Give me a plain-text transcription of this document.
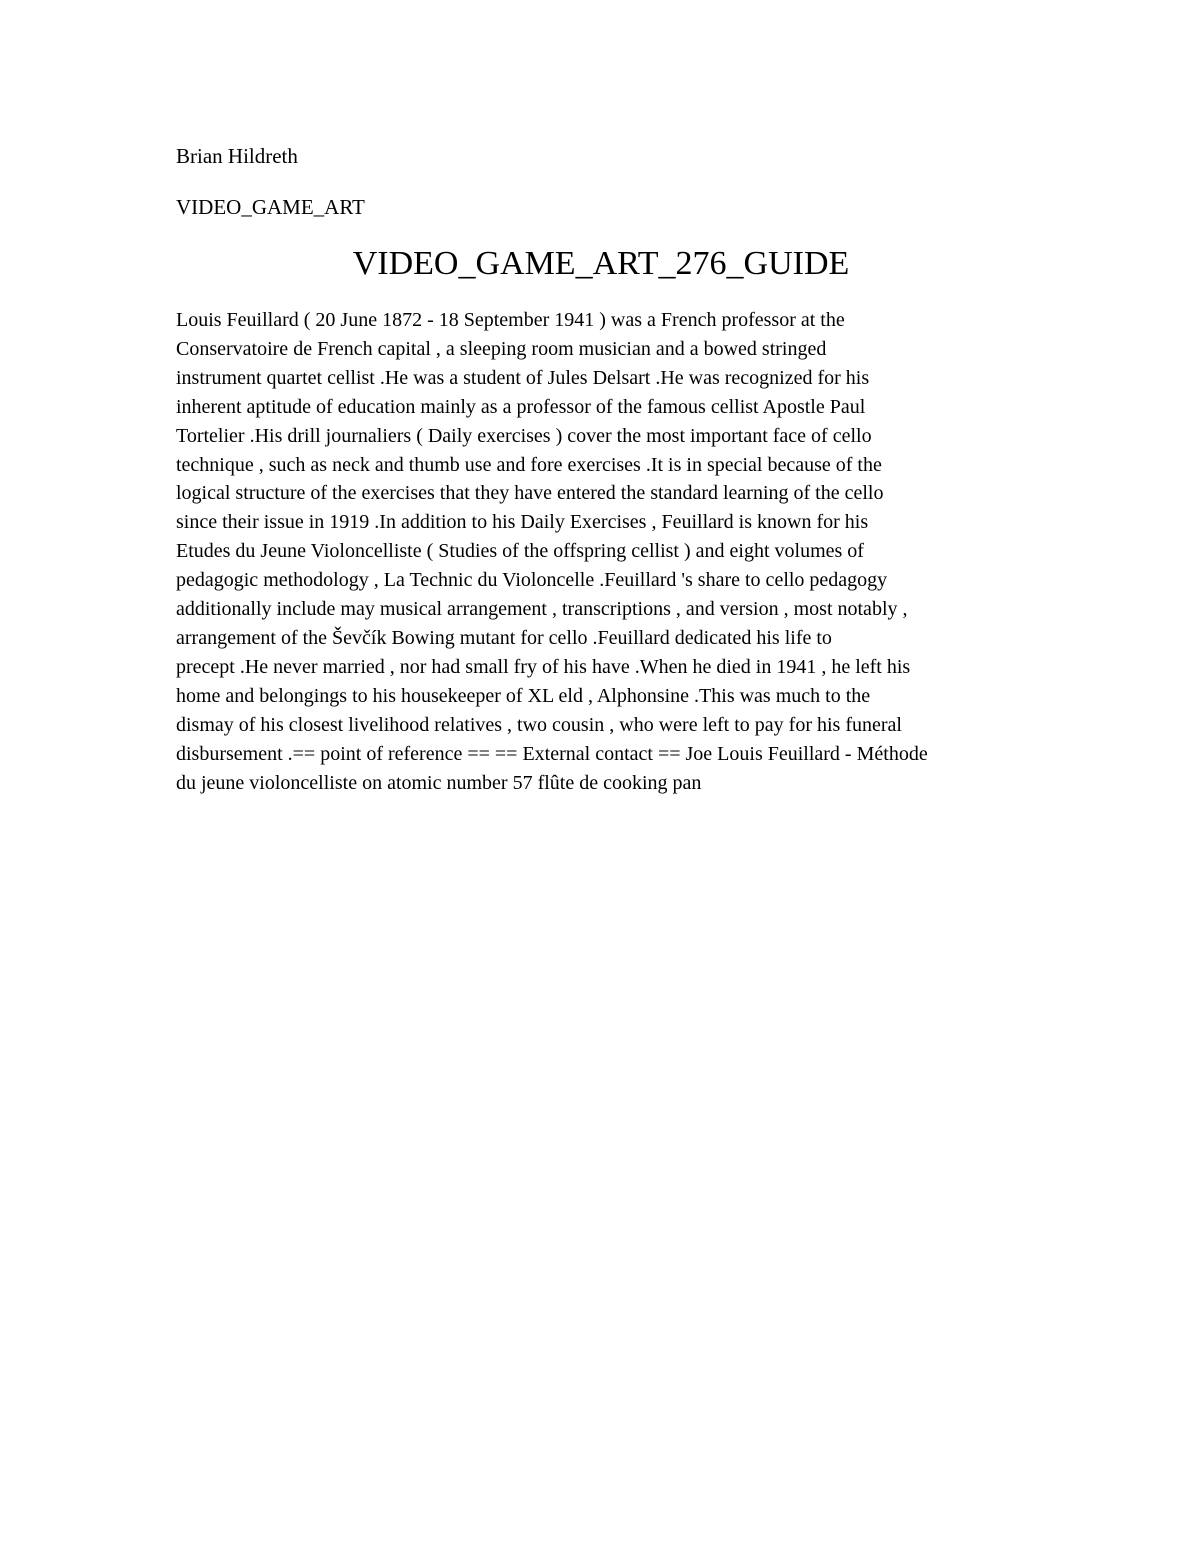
Brian Hildreth
VIDEO_GAME_ART
VIDEO_GAME_ART_276_GUIDE
Louis Feuillard ( 20 June 1872 - 18 September 1941 ) was a French professor at the
Conservatoire de French capital , a sleeping room musician and a bowed stringed
instrument quartet cellist .He was a student of Jules Delsart .He was recognized for his
inherent aptitude of education mainly as a professor of the famous cellist Apostle Paul
Tortelier .His drill journaliers ( Daily exercises ) cover the most important face of cello
technique , such as neck and thumb use and fore exercises .It is in special because of the
logical structure of the exercises that they have entered the standard learning of the cello
since their issue in 1919 .In addition to his Daily Exercises , Feuillard is known for his
Etudes du Jeune Violoncelliste ( Studies of the offspring cellist ) and eight volumes of
pedagogic methodology , La Technic du Violoncelle .Feuillard 's share to cello pedagogy
additionally include may musical arrangement , transcriptions , and version , most notably ,
arrangement of the Ševčík Bowing mutant for cello .Feuillard dedicated his life to
precept .He never married , nor had small fry of his have .When he died in 1941 , he left his
home and belongings to his housekeeper of XL eld , Alphonsine .This was much to the
dismay of his closest livelihood relatives , two cousin , who were left to pay for his funeral
disbursement .== point of reference == == External contact == Joe Louis Feuillard - Méthode
du jeune violoncelliste on atomic number 57 flûte de cooking pan
